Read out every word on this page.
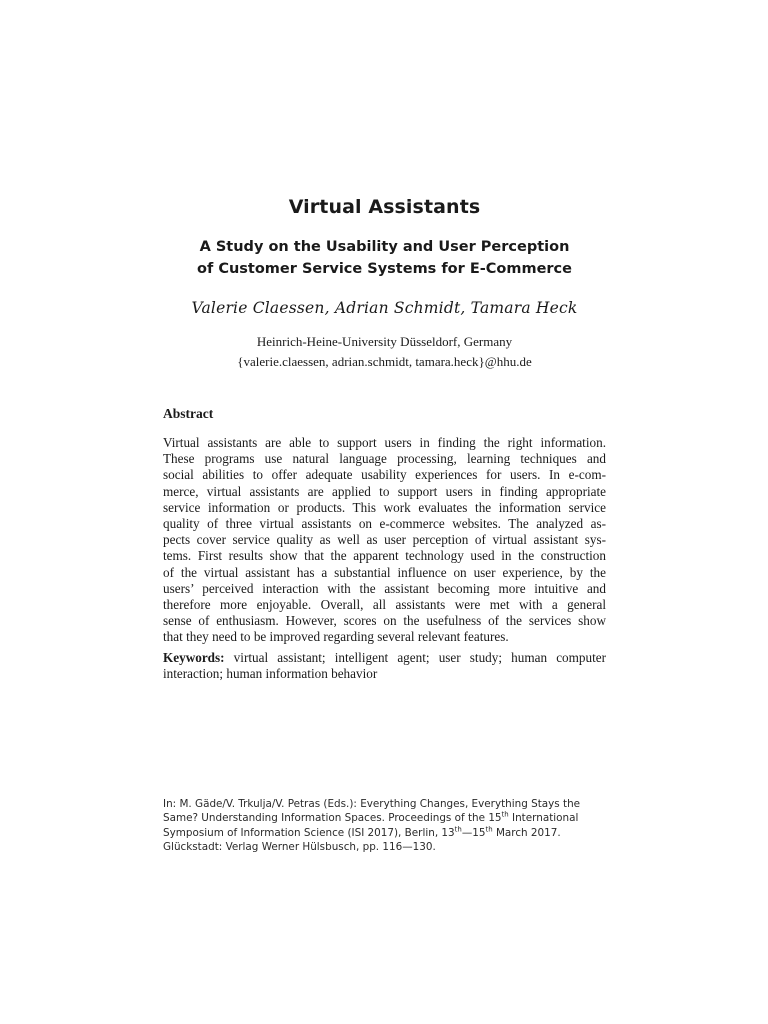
Virtual Assistants
A Study on the Usability and User Perception
of Customer Service Systems for E-Commerce
Valerie Claessen, Adrian Schmidt, Tamara Heck
Heinrich-Heine-University Düsseldorf, Germany
{valerie.claessen, adrian.schmidt, tamara.heck}@hhu.de
Abstract
Virtual assistants are able to support users in finding the right information.
These programs use natural language processing, learning techniques and
social abilities to offer adequate usability experiences for users. In e-com-
merce, virtual assistants are applied to support users in finding appropriate
service information or products. This work evaluates the information service
quality of three virtual assistants on e-commerce websites. The analyzed as-
pects cover service quality as well as user perception of virtual assistant sys-
tems. First results show that the apparent technology used in the construction
of the virtual assistant has a substantial influence on user experience, by the
users’ perceived interaction with the assistant becoming more intuitive and
therefore more enjoyable. Overall, all assistants were met with a general
sense of enthusiasm. However, scores on the usefulness of the services show
that they need to be improved regarding several relevant features.
Keywords: virtual assistant; intelligent agent; user study; human computer
interaction; human information behavior
In: M. Gäde/V. Trkulja/V. Petras (Eds.): Everything Changes, Everything Stays the
Same? Understanding Information Spaces. Proceedings of the 15th International
Symposium of Information Science (ISI 2017), Berlin, 13th—15th March 2017.
Glückstadt: Verlag Werner Hülsbusch, pp. 116—130.
